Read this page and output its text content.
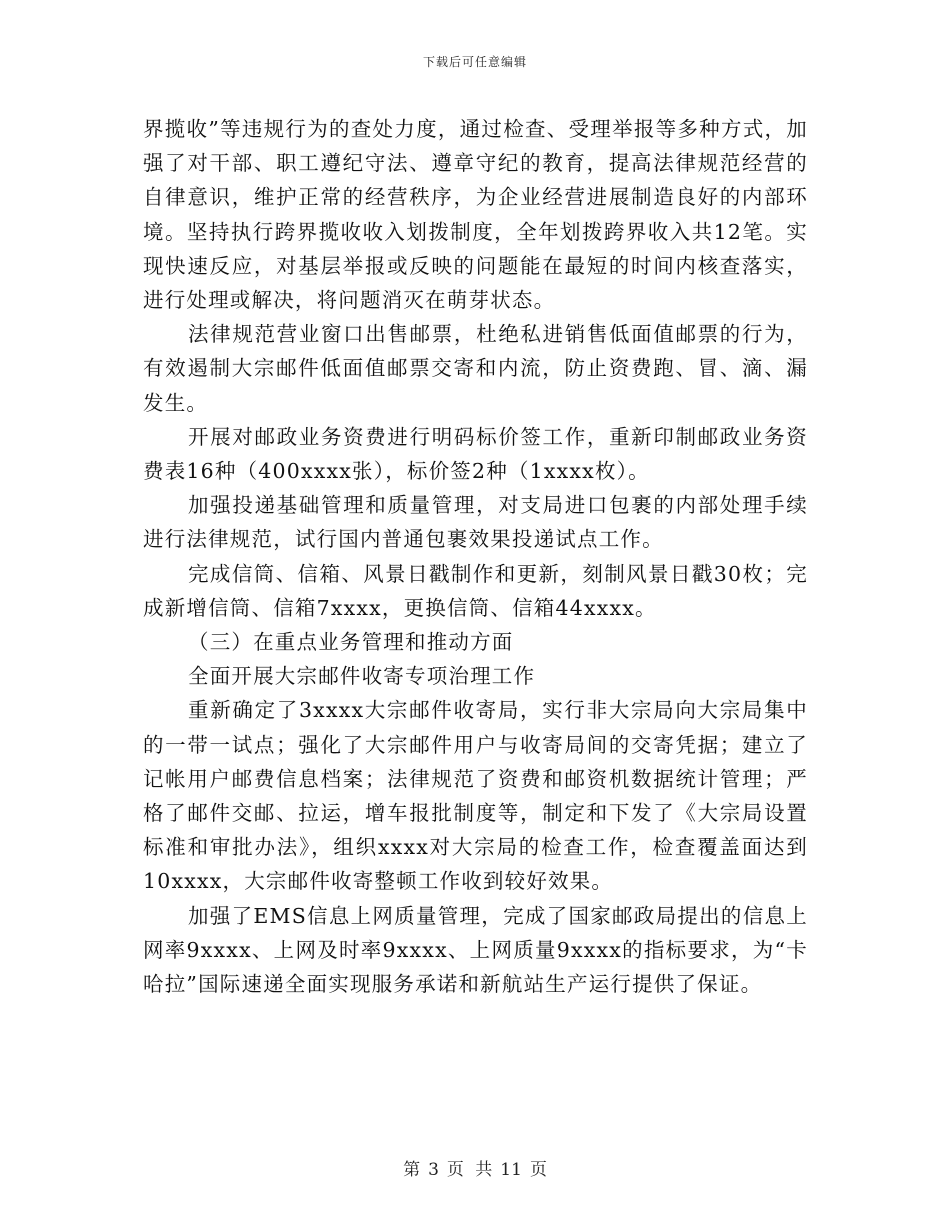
下载后可任意编辑

界揽收”等违规行为的查处力度，通过检查、受理举报等多种方式，加强了对干部、职工遵纪守法、遵章守纪的教育，提高法律规范经营的自律意识，维护正常的经营秩序，为企业经营进展制造良好的内部环境。坚持执行跨界揽收收入划拨制度，全年划拨跨界收入共12笔。实现快速反应，对基层举报或反映的问题能在最短的时间内核查落实，进行处理或解决，将问题消灭在萌芽状态。

法律规范营业窗口出售邮票，杜绝私进销售低面值邮票的行为，有效遏制大宗邮件低面值邮票交寄和内流，防止资费跑、冒、滴、漏发生。

开展对邮政业务资费进行明码标价签工作，重新印制邮政业务资费表16种（400xxxx张），标价签2种（1xxxx枚）。

加强投递基础管理和质量管理，对支局进口包裹的内部处理手续进行法律规范，试行国内普通包裹效果投递试点工作。

完成信筒、信箱、风景日戳制作和更新，刻制风景日戳30枚；完成新增信筒、信箱7xxxx，更换信筒、信箱44xxxx。

（三）在重点业务管理和推动方面

全面开展大宗邮件收寄专项治理工作

重新确定了3xxxx大宗邮件收寄局，实行非大宗局向大宗局集中的一带一试点；强化了大宗邮件用户与收寄局间的交寄凭据；建立了记帐用户邮费信息档案；法律规范了资费和邮资机数据统计管理；严格了邮件交邮、拉运，增车报批制度等，制定和下发了《大宗局设置标准和审批办法》，组织xxxx对大宗局的检查工作，检查覆盖面达到10xxxx，大宗邮件收寄整顿工作收到较好效果。

加强了EMS信息上网质量管理，完成了国家邮政局提出的信息上网率9xxxx、上网及时率9xxxx、上网质量9xxxx的指标要求，为“卡哈拉”国际速递全面实现服务承诺和新航站生产运行提供了保证。

第 3 页 共 11 页
